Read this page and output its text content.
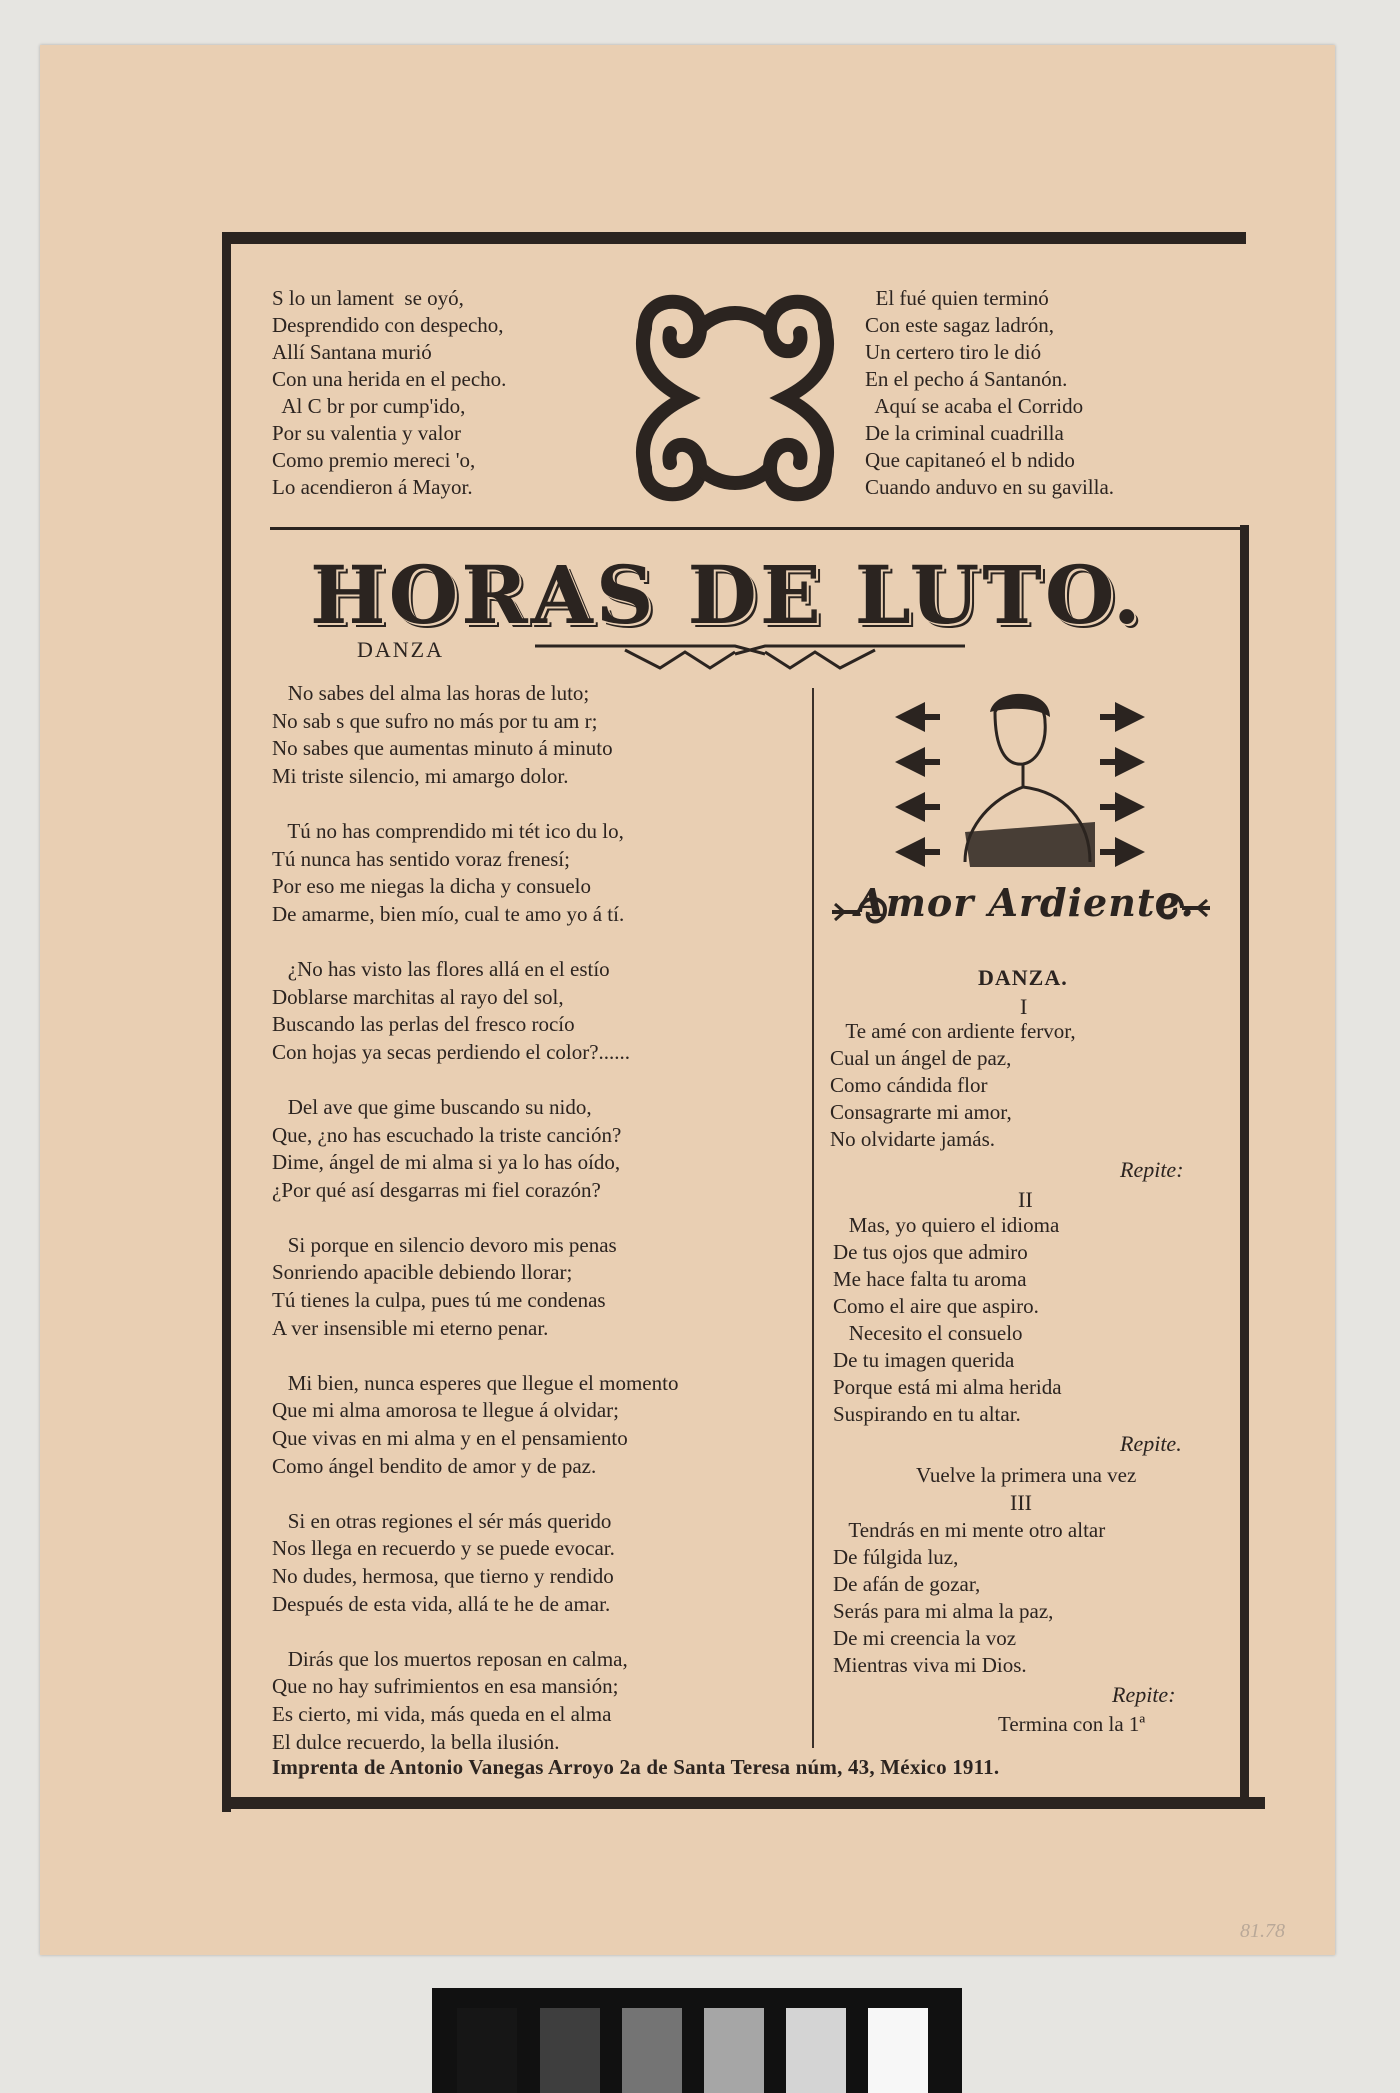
S lo un lament  se oyó,
Desprendido con despecho,
Allí Santana murió
Con una herida en el pecho.
Al C br por cump'ido,
Por su valentia y valor
Como premio mereci 'o,
Lo acendieron á Mayor.
El fué quien terminó
Con este sagaz ladrón,
Un certero tiro le dió
En el pecho á Santanón.
Aquí se acaba el Corrido
De la criminal cuadrilla
Que capitaneó el b ndido
Cuando anduvo en su gavilla.
HORAS DE LUTO.
DANZA
No sabes del alma las horas de luto;
No sab s que sufro no más por tu am r;
No sabes que aumentas minuto á minuto
Mi triste silencio, mi amargo dolor.

Tú no has comprendido mi tét ico du lo,
Tú nunca has sentido voraz frenesí;
Por eso me niegas la dicha y consuelo
De amarme, bien mío, cual te amo yo á tí.

¿No has visto las flores allá en el estío
Doblarse marchitas al rayo del sol,
Buscando las perlas del fresco rocío
Con hojas ya secas perdiendo el color?......

Del ave que gime buscando su nido,
Que, ¿no has escuchado la triste canción?
Dime, ángel de mi alma si ya lo has oído,
¿Por qué así desgarras mi fiel corazón?

Si porque en silencio devoro mis penas
Sonriendo apacible debiendo llorar;
Tú tienes la culpa, pues tú me condenas
A ver insensible mi eterno penar.

Mi bien, nunca esperes que llegue el momento
Que mi alma amorosa te llegue á olvidar;
Que vivas en mi alma y en el pensamiento
Como ángel bendito de amor y de paz.

Si en otras regiones el sér más querido
Nos llega en recuerdo y se puede evocar.
No dudes, hermosa, que tierno y rendido
Después de esta vida, allá te he de amar.

Dirás que los muertos reposan en calma,
Que no hay sufrimientos en esa mansión;
Es cierto, mi vida, más queda en el alma
El dulce recuerdo, la bella ilusión.
Amor Ardiente.
DANZA.
I
Te amé con ardiente fervor,
Cual un ángel de paz,
Como cándida flor
Consagrarte mi amor,
No olvidarte jamás.
Repite:
II
Mas, yo quiero el idioma
De tus ojos que admiro
Me hace falta tu aroma
Como el aire que aspiro.
Necesito el consuelo
De tu imagen querida
Porque está mi alma herida
Suspirando en tu altar.
Repite.
Vuelve la primera una vez
III
Tendrás en mi mente otro altar
De fúlgida luz,
De afán de gozar,
Serás para mi alma la paz,
De mi creencia la voz
Mientras viva mi Dios.
Repite:
Termina con la 1ª
Imprenta de Antonio Vanegas Arroyo 2a de Santa Teresa núm, 43, México 1911.
81.78
